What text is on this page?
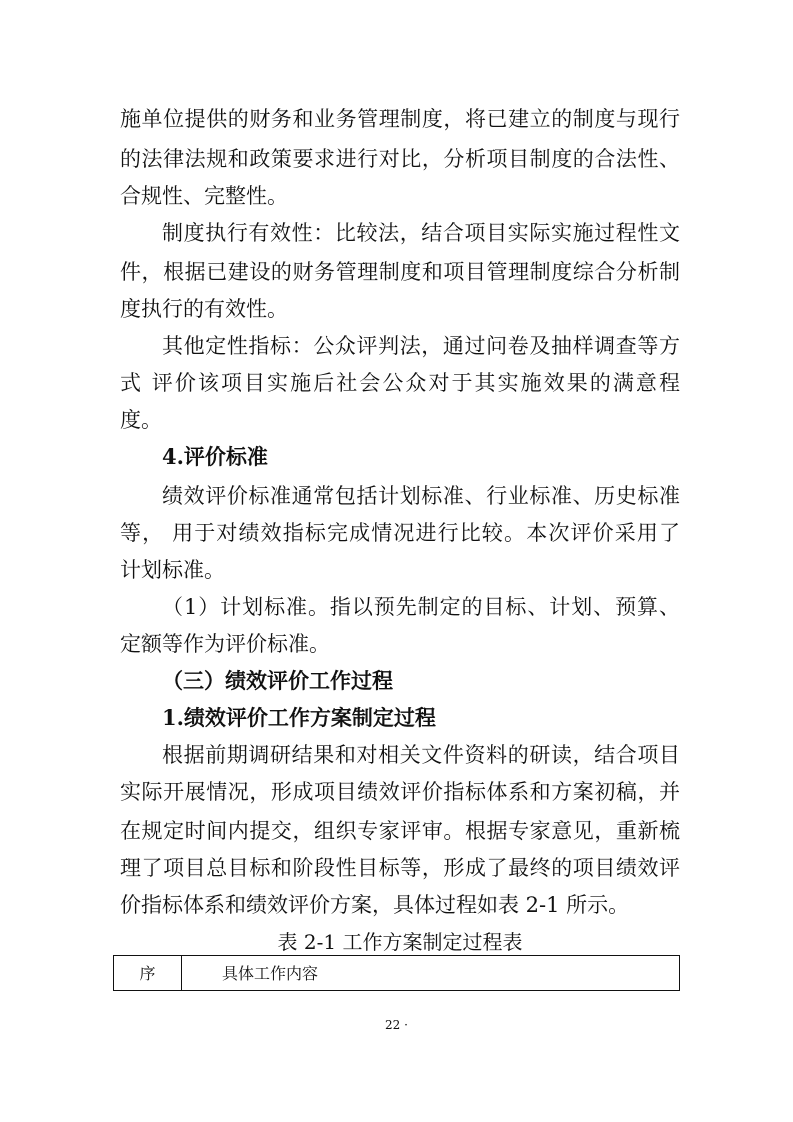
施单位提供的财务和业务管理制度，将已建立的制度与现行
的法律法规和政策要求进行对比，分析项目制度的合法性、
合规性、完整性。
制度执行有效性：比较法，结合项目实际实施过程性文
件，根据已建设的财务管理制度和项目管理制度综合分析制
度执行的有效性。
其他定性指标：公众评判法，通过问卷及抽样调查等方
式 评价该项目实施后社会公众对于其实施效果的满意程
度。
4.评价标准
绩效评价标准通常包括计划标准、行业标准、历史标准
等， 用于对绩效指标完成情况进行比较。本次评价采用了
计划标准。
（1）计划标准。指以预先制定的目标、计划、预算、
定额等作为评价标准。
（三）绩效评价工作过程
1.绩效评价工作方案制定过程
根据前期调研结果和对相关文件资料的研读，结合项目
实际开展情况，形成项目绩效评价指标体系和方案初稿，并
在规定时间内提交，组织专家评审。根据专家意见，重新梳
理了项目总目标和阶段性目标等，形成了最终的项目绩效评
价指标体系和绩效评价方案，具体过程如表 2-1 所示。
表 2-1 工作方案制定过程表
序	具体工作内容
22 ·
